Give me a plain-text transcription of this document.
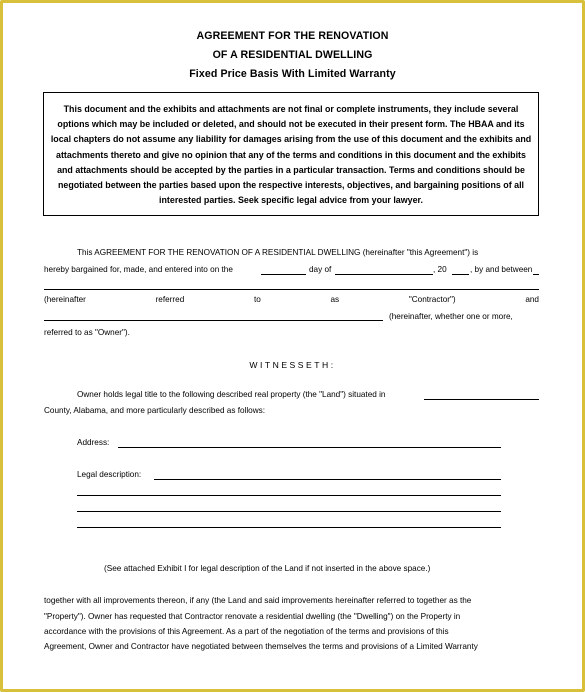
AGREEMENT FOR THE RENOVATION
OF A RESIDENTIAL DWELLING
Fixed Price Basis With Limited Warranty
This document and the exhibits and attachments are not final or complete instruments, they include several options which may be included or deleted, and should not be executed in their present form. The HBAA and its local chapters do not assume any liability for damages arising from the use of this document and the exhibits and attachments thereto and give no opinion that any of the terms and conditions in this document and the exhibits and attachments should be accepted by the parties in a particular transaction. Terms and conditions should be negotiated between the parties based upon the respective interests, objectives, and bargaining positions of all interested parties. Seek specific legal advice from your lawyer.
This AGREEMENT FOR THE RENOVATION OF A RESIDENTIAL DWELLING (hereinafter "this Agreement") is
hereby bargained for, made, and entered into on the	day of	, 20	, by and between
(hereinafter	referred	to	as	"Contractor")	and
(hereinafter, whether one or more,
referred to as "Owner").
WITNESSETH:
Owner holds legal title to the following described real property (the "Land") situated in
County, Alabama, and more particularly described as follows:
Address:
Legal description:
(See attached Exhibit I for legal description of the Land if not inserted in the above space.)
together with all improvements thereon, if any (the Land and said improvements hereinafter referred to together as the
"Property"). Owner has requested that Contractor renovate a residential dwelling (the "Dwelling") on the Property in
accordance with the provisions of this Agreement. As a part of the negotiation of the terms and provisions of this
Agreement, Owner and Contractor have negotiated between themselves the terms and provisions of a Limited Warranty
